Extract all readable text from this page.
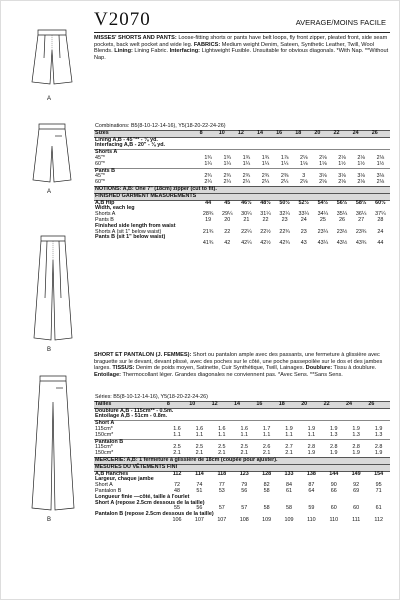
A
A
B
B
V2070	AVERAGE/MOINS FACILE
MISSES' SHORTS AND PANTS: Loose-fitting shorts or pants have belt loops, fly front zipper, pleated front, side seam pockets, back welt pocket and wide leg. FABRICS: Medium weight Denim, Sateen, Synthetic Leather, Twill, Wool Blends. Lining: Lining Fabric. Interfacing: Lightweight Fusible. Unsuitable for obvious diagonals. *With Nap. **Without Nap.
Combinations: B5(8-10-12-14-16), Y5(18-20-22-24-26)										
Sizes	8	10	12	14	16	18	20	22	24	26
Lining A,B - 45"** - ⅛ yd.										
Interfacing A,B - 20" - ⅛ yd.										
Shorts A										
45"*	1¾	1¾	1¾	1¾	1⅞	2⅛	2⅛	2⅛	2⅛	2⅛
60"*	1¼	1¼	1¼	1¼	1¼	1⅛	1⅛	1½	1½	1½
Pants B										
45"*	2¾	2¾	2¾	2¾	2⅜	3	3⅛	3⅛	3⅛	3⅛
60"*	2¼	2¼	2¼	2¼	2¼	2⅛	2⅛	2⅛	2⅛	2⅛
NOTIONS: A,B: One 7" (18cm) zipper (cut to fit).										
FINISHED GARMENT MEASUREMENTS										
A,B Hip	44	45	46½	48½	50½	52½	54½	56½	58½	60½
Width, each leg										
Shorts A	28¾	29¼	30¼	31¼	32¼	33¼	34¼	35¼	36¼	37¼
Pants B	19	20	21	22	23	24	25	26	27	28
Finished side length from waist										
Shorts A (sit 1" below waist)	21¾	22	22¼	22½	22¾	23	23¼	23½	23¾	24
Pants B (sit 1" below waist)										
	41¾	42	42¼	42½	42¾	43	43¼	43½	43¾	44
SHORT ET PANTALON (J. FEMMES): Short ou pantalon ample avec des passants, une fermeture à glissière avec braguette sur le devant, devant plissé, avec des poches sur le côté, une poche passepoilée sur le dos et des jambes larges. TISSUS: Denim de poids moyen, Satinette, Cuir Synthétique, Twill, Lainages. Doublure: Tissu à doublure. Entoilage: Thermocollant léger. Grandes diagonales ne conviennent pas. *Avec Sens. **Sans Sens.
Séries: B5(8-10-12-14-16), Y5(18-20-22-24-26)										
Tailles	8	10	12	14	16	18	20	22	24	26
Doublure A,B - 115cm** - 0.5m.										
Entoilage A,B - 51cm - 0.8m.										
Short A										
115cm*	1.6	1.6	1.6	1.6	1.7	1.9	1.9	1.9	1.9	1.9
150cm*	1.1	1.1	1.1	1.1	1.1	1.1	1.1	1.3	1.3	1.3
Pantalon B										
115cm*	2.5	2.5	2.5	2.5	2.6	2.7	2.8	2.8	2.8	2.8
150cm*	2.1	2.1	2.1	2.1	2.1	2.1	1.9	1.9	1.9	1.9
MERCERIE: A,B: 1 fermeture à glissière de 18cm (coupée pour ajuster).										
MESURES DU VÊTEMENTS FINI										
A,B Hanches	112	114	118	123	128	133	138	144	149	154
Largeur, chaque jambe										
Short A	72	74	77	79	82	84	87	90	92	95
Pantalon B	48	51	53	56	58	61	64	66	69	71
Longueur finie —côté, taille à l'ourlet										
Short A (repose 2.5cm dessous de la taille)										
	55	56	57	57	58	58	59	60	60	61
Pantalon B (repose 2.5cm dessous de la taille)										
	106	107	107	108	109	109	110	110	111	112
